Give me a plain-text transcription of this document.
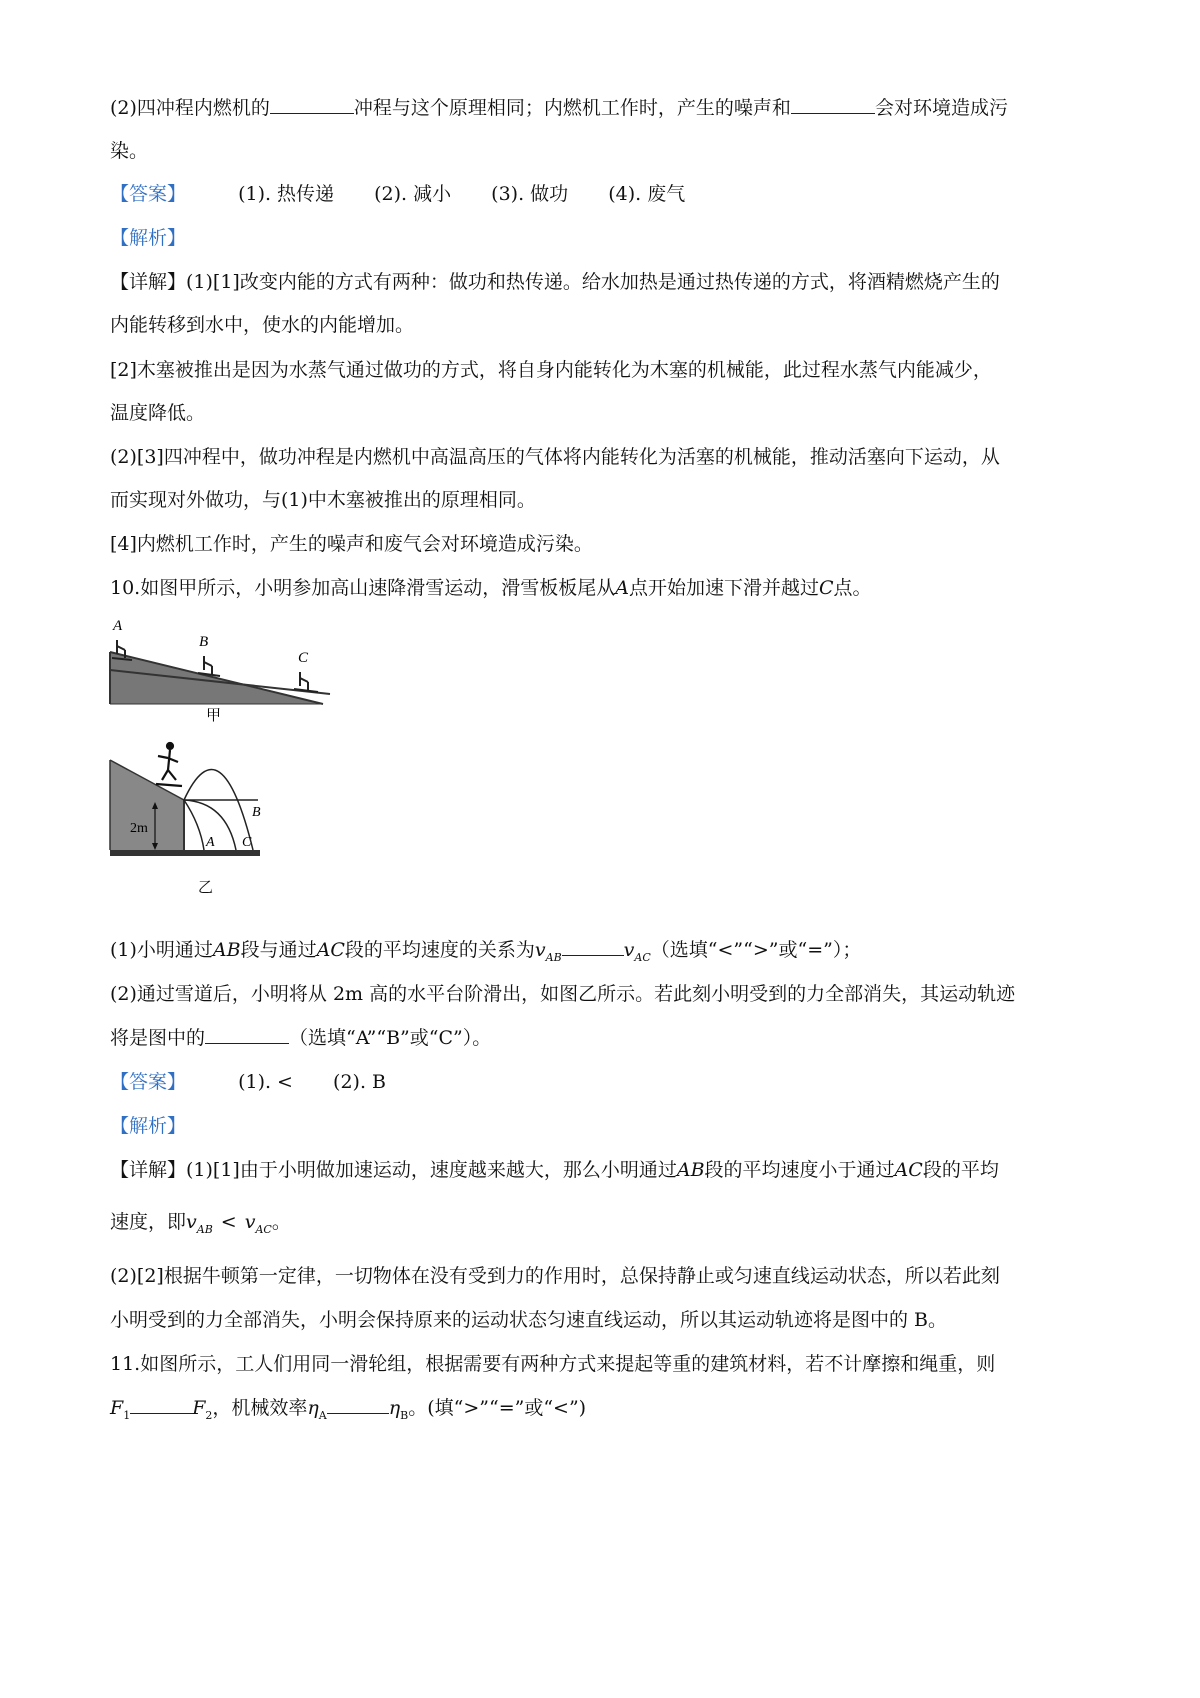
(2)四冲程内燃机的	冲程与这个原理相同；内燃机工作时，产生的噪声和	会对环境造成污
染。
【答案】	(1). 热传递 (2). 减小 (3). 做功 (4). 废气
【解析】
【详解】(1)[1]改变内能的方式有两种：做功和热传递。给水加热是通过热传递的方式，将酒精燃烧产生的
内能转移到水中，使水的内能增加。
[2]木塞被推出是因为水蒸气通过做功的方式，将自身内能转化为木塞的机械能，此过程水蒸气内能减少，
温度降低。
(2)[3]四冲程中，做功冲程是内燃机中高温高压的气体将内能转化为活塞的机械能，推动活塞向下运动，从
而实现对外做功，与(1)中木塞被推出的原理相同。
[4]内燃机工作时，产生的噪声和废气会对环境造成污染。
10.如图甲所示，小明参加高山速降滑雪运动，滑雪板板尾从A点开始加速下滑并越过C点。
A
B
C
甲
2m
A C
B
乙
(1)小明通过AB段与通过AC段的平均速度的关系为$v_{AB}$	$v_{AC}$（选填“<”“>”或“=”）；
(2)通过雪道后，小明将从 2m 高的水平台阶滑出，如图乙所示。若此刻小明受到的力全部消失，其运动轨迹
将是图中的	（选填“A”“B”或“C”）。
【答案】	(1). < (2). B
【解析】
【详解】(1)[1]由于小明做加速运动，速度越来越大，那么小明通过AB段的平均速度小于通过AC段的平均
速度，即$v_{AB} < v_{AC}$。
(2)[2]根据牛顿第一定律，一切物体在没有受到力的作用时，总保持静止或匀速直线运动状态，所以若此刻
小明受到的力全部消失，小明会保持原来的运动状态匀速直线运动，所以其运动轨迹将是图中的 B。
11.如图所示，工人们用同一滑轮组，根据需要有两种方式来提起等重的建筑材料，若不计摩擦和绳重，则
$F_1$	$F_2$，机械效率$\eta_A$	$\eta_B$。(填“>”“=”或“<”)
